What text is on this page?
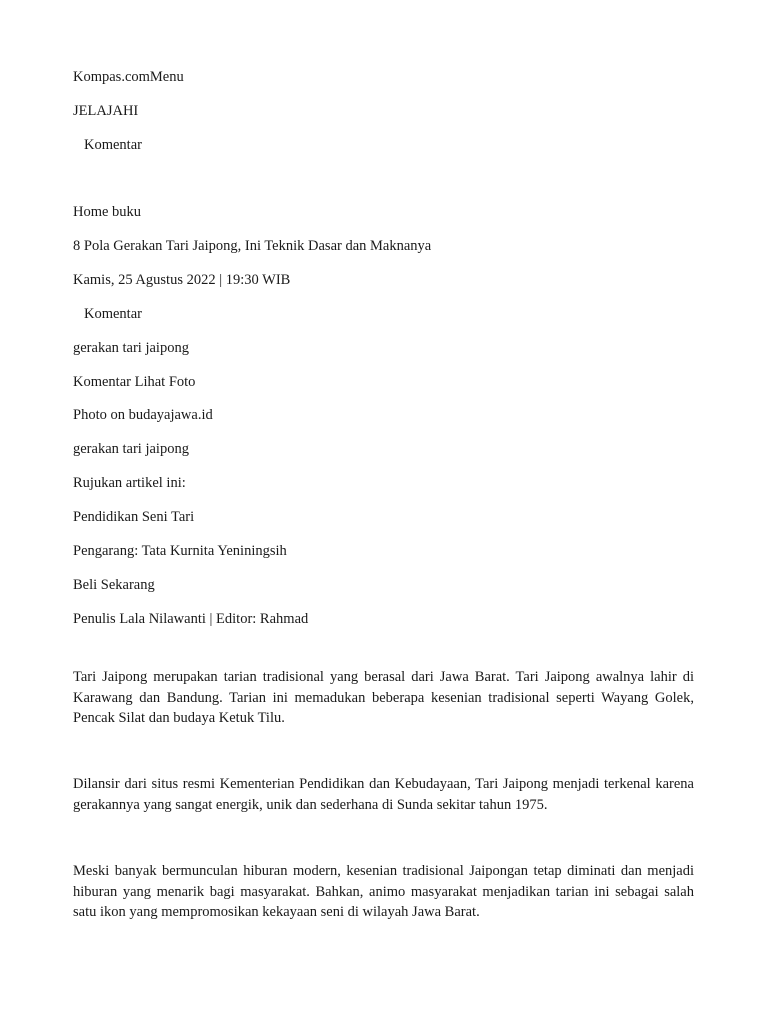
Kompas.comMenu
JELAJAHI
Komentar
Home buku
8 Pola Gerakan Tari Jaipong, Ini Teknik Dasar dan Maknanya
Kamis, 25 Agustus 2022 | 19:30 WIB
Komentar
gerakan tari jaipong
Komentar Lihat Foto
Photo on budayajawa.id
gerakan tari jaipong
Rujukan artikel ini:
Pendidikan Seni Tari
Pengarang: Tata Kurnita Yeniningsih
Beli Sekarang
Penulis Lala Nilawanti | Editor: Rahmad

Tari Jaipong merupakan tarian tradisional yang berasal dari Jawa Barat. Tari Jaipong awalnya lahir di Karawang dan Bandung. Tarian ini memadukan beberapa kesenian tradisional seperti Wayang Golek, Pencak Silat dan budaya Ketuk Tilu.

Dilansir dari situs resmi Kementerian Pendidikan dan Kebudayaan, Tari Jaipong menjadi terkenal karena gerakannya yang sangat energik, unik dan sederhana di Sunda sekitar tahun 1975.

Meski banyak bermunculan hiburan modern, kesenian tradisional Jaipongan tetap diminati dan menjadi hiburan yang menarik bagi masyarakat. Bahkan, animo masyarakat menjadikan tarian ini sebagai salah satu ikon yang mempromosikan kekayaan seni di wilayah Jawa Barat.
